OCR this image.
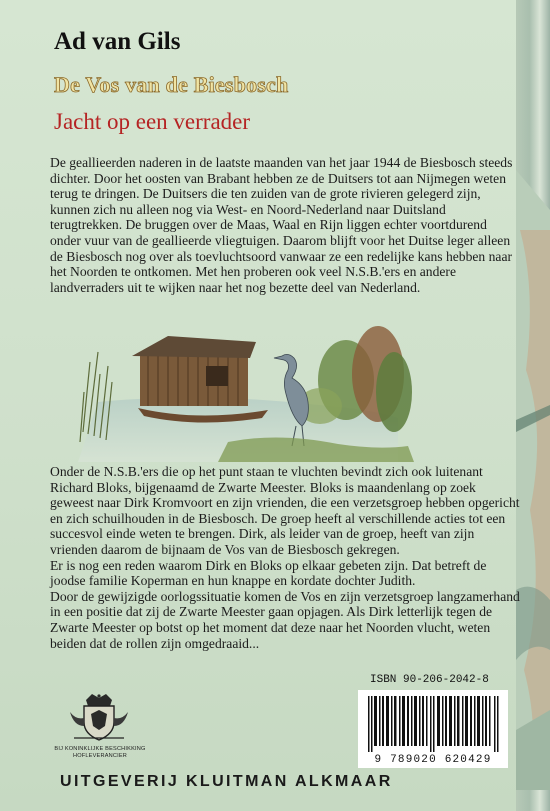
Ad van Gils
De Vos van de Biesbosch
Jacht op een verrader

De geallieerden naderen in de laatste maanden van het jaar 1944 de Biesbosch steeds dichter. Door het oosten van Brabant hebben ze de Duitsers tot aan Nijmegen weten terug te dringen. De Duitsers die ten zuiden van de grote rivieren gelegerd zijn, kunnen zich nu alleen nog via West- en Noord-Nederland naar Duitsland terugtrekken. De bruggen over de Maas, Waal en Rijn liggen echter voortdurend onder vuur van de geallieerde vliegtuigen. Daarom blijft voor het Duitse leger alleen de Biesbosch nog over als toevluchtsoord vanwaar ze een redelijke kans hebben naar het Noorden te ontkomen. Met hen proberen ook veel N.S.B.'ers en andere landverraders uit te wijken naar het nog bezette deel van Nederland.

Onder de N.S.B.'ers die op het punt staan te vluchten bevindt zich ook luitenant Richard Bloks, bijgenaamd de Zwarte Meester. Bloks is maandenlang op zoek geweest naar Dirk Kromvoort en zijn vrienden, die een verzetsgroep hebben opgericht en zich schuilhouden in de Biesbosch. De groep heeft al verschillende acties tot een succesvol einde weten te brengen. Dirk, als leider van de groep, heeft van zijn vrienden daarom de bijnaam de Vos van de Biesbosch gekregen.
Er is nog een reden waarom Dirk en Bloks op elkaar gebeten zijn. Dat betreft de joodse familie Koperman en hun knappe en kordate dochter Judith.
Door de gewijzigde oorlogssituatie komen de Vos en zijn verzetsgroep langzamerhand in een positie dat zij de Zwarte Meester gaan opjagen. Als Dirk letterlijk tegen de Zwarte Meester op botst op het moment dat deze naar het Noorden vlucht, weten beiden dat de rollen zijn omgedraaid...

ISBN 90-206-2042-8
9 789020 620429
BIJ KONINKLIJKE BESCHIKKING
HOFLEVERANCIER
UITGEVERIJ KLUITMAN ALKMAAR
